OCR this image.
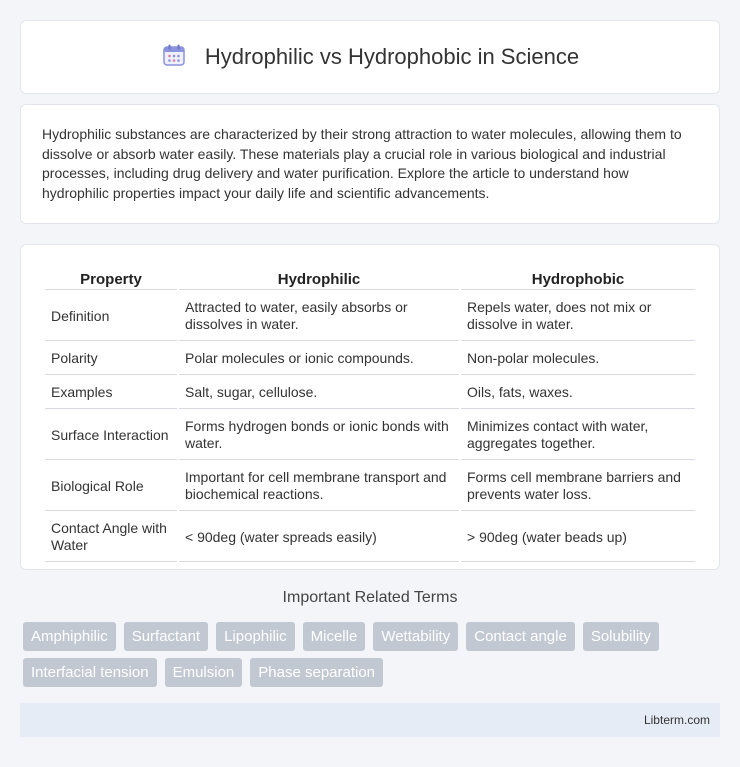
Hydrophilic vs Hydrophobic in Science

Hydrophilic substances are characterized by their strong attraction to water molecules, allowing them to dissolve or absorb water easily. These materials play a crucial role in various biological and industrial processes, including drug delivery and water purification. Explore the article to understand how hydrophilic properties impact your daily life and scientific advancements.

Property	Hydrophilic	Hydrophobic
Definition	Attracted to water, easily absorbs or dissolves in water.	Repels water, does not mix or dissolve in water.
Polarity	Polar molecules or ionic compounds.	Non-polar molecules.
Examples	Salt, sugar, cellulose.	Oils, fats, waxes.
Surface Interaction	Forms hydrogen bonds or ionic bonds with water.	Minimizes contact with water, aggregates together.
Biological Role	Important for cell membrane transport and biochemical reactions.	Forms cell membrane barriers and prevents water loss.
Contact Angle with Water	< 90deg (water spreads easily)	> 90deg (water beads up)
Important Related Terms
Amphiphilic	Surfactant	Lipophilic	Micelle	Wettability	Contact angle	Solubility
Interfacial tension	Emulsion	Phase separation
Libterm.com
